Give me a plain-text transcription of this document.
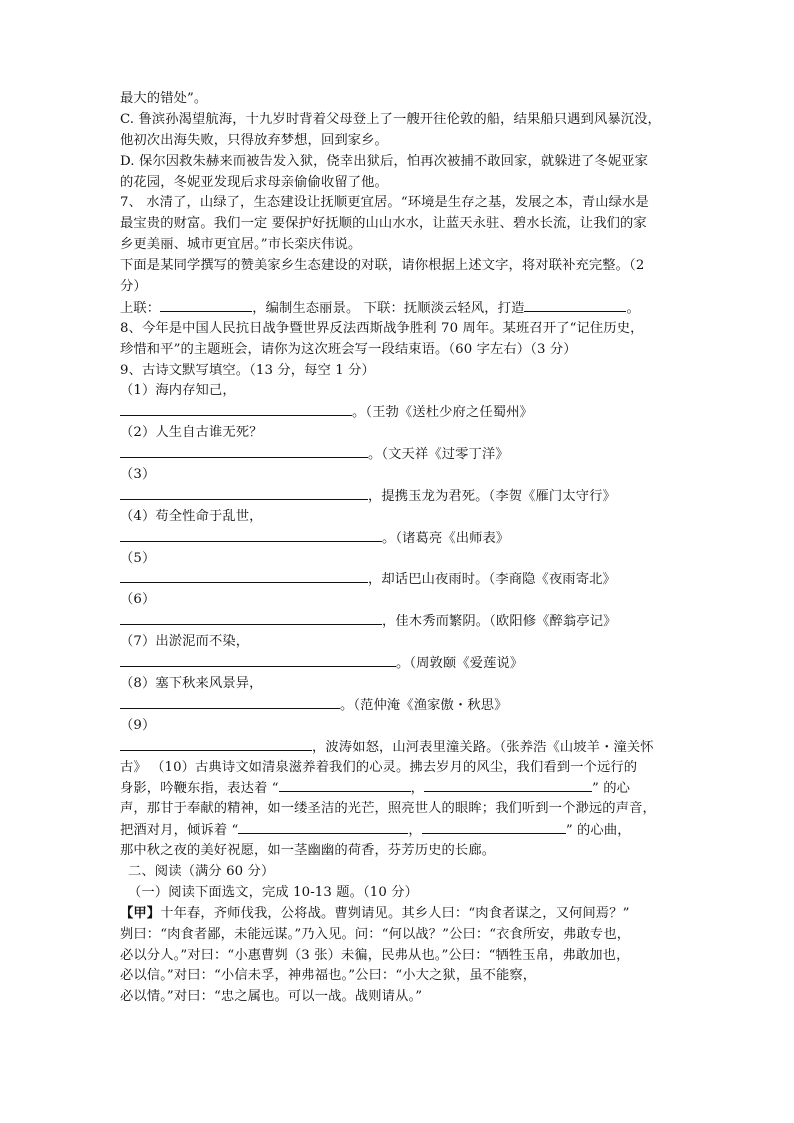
最大的错处”。
C. 鲁滨孙渴望航海，十九岁时背着父母登上了一艘开往伦敦的船，结果船只遇到风暴沉没，
他初次出海失败，只得放弃梦想，回到家乡。
D. 保尔因救朱赫来而被告发入狱，侥幸出狱后，怕再次被捕不敢回家，就躲进了冬妮亚家
的花园，冬妮亚发现后求母亲偷偷收留了他。
7、 水清了，山绿了，生态建设让抚顺更宜居。“环境是生存之基，发展之本，青山绿水是
最宝贵的财富。我们一定 要保护好抚顺的山山水水，让蓝天永驻、碧水长流，让我们的家
乡更美丽、城市更宜居。”市长栾庆伟说。
下面是某同学撰写的赞美家乡生态建设的对联，请你根据上述文字，将对联补充完整。（2
分）
上联：	，编制生态丽景。 下联：抚顺淡云轻风，打造	。
8、今年是中国人民抗日战争暨世界反法西斯战争胜利 70 周年。某班召开了“记住历史，
珍惜和平”的主题班会，请你为这次班会写一段结束语。（60 字左右）（3 分）
9、古诗文默写填空。（13 分，每空 1 分）
（1）海内存知己，
。（王勃《送杜少府之任蜀州》
（2）人生自古谁无死？
。（文天祥《过零丁洋》
（3）
，提携玉龙为君死。（李贺《雁门太守行》
（4）苟全性命于乱世，
。（诸葛亮《出师表》
（5）
，却话巴山夜雨时。（李商隐《夜雨寄北》
（6）
，佳木秀而繁阴。（欧阳修《醉翁亭记》
（7）出淤泥而不染，
。（周敦颐《爱莲说》
（8）塞下秋来风景异，
。（范仲淹《渔家傲・秋思》
（9）
，波涛如怒，山河表里潼关路。（张养浩《山坡羊・潼关怀
古》 （10）古典诗文如清泉滋养着我们的心灵。拂去岁月的风尘，我们看到一个远行的
身影，吟鞭东指，表达着 “	，	” 的心
声，那甘于奉献的精神，如一缕圣洁的光芒，照亮世人的眼眸；我们听到一个渺远的声音，
把酒对月，倾诉着 “	，	” 的心曲，
那中秋之夜的美好祝愿，如一茎幽幽的荷香，芬芳历史的长廊。
二、阅读（满分 60 分）
（一）阅读下面选文，完成 10-13 题。（10 分）
【甲】十年春，齐师伐我，公将战。曹刿请见。其乡人曰：“肉食者谋之，又何间焉？”
刿曰：“肉食者鄙，未能远谋。”乃入见。问：“何以战？”公曰：“衣食所安，弗敢专也，
必以分人。”对曰：“小惠曹刿（3 张）未徧，民弗从也。”公曰：“牺牲玉帛，弗敢加也，
必以信。”对曰：“小信未孚，神弗福也。”公曰：“小大之狱，虽不能察，
必以情。”对曰：“忠之属也。可以一战。战则请从。”
